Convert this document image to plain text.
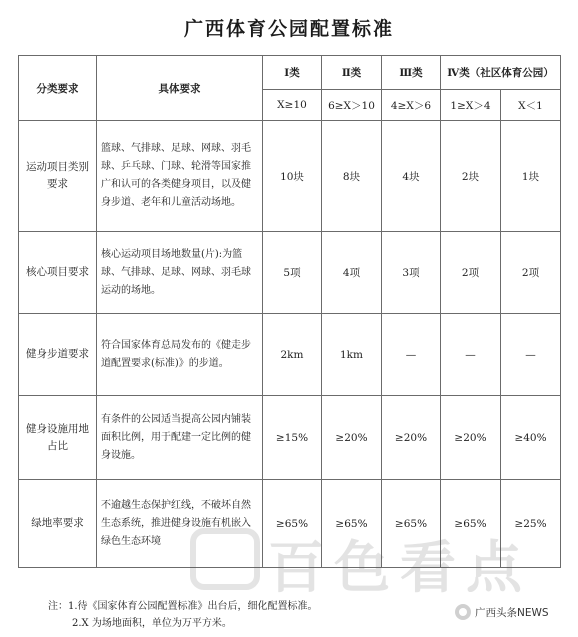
广西体育公园配置标准
分类要求	具体要求	Ⅰ类	Ⅱ类	Ⅲ类	Ⅳ类（社区体育公园）	
		X≥10	6≥X＞10	4≥X＞6	1≥X＞4	X＜1
运动项目类别要求	篮球、气排球、足球、网球、羽毛球、乒乓球、门球、轮滑等国家推广和认可的各类健身项目，以及健身步道、老年和儿童活动场地。	10块	8块	4块	2块	1块
核心项目要求	核心运动项目场地数量(片):为篮球、气排球、足球、网球、羽毛球运动的场地。	5项	4项	3项	2项	2项
健身步道要求	符合国家体育总局发布的《健走步道配置要求(标准)》的步道。	2km	1km	—	—	—
健身设施用地占比	有条件的公园适当提高公园内铺装面积比例，用于配建一定比例的健身设施。	≥15%	≥20%	≥20%	≥20%	≥40%
绿地率要求	不逾越生态保护红线，不破坏自然生态系统，推进健身设施有机嵌入绿色生态环境	≥65%	≥65%	≥65%	≥65%	≥25%
百色看点
注：1.待《国家体育公园配置标准》出台后，细化配置标准。
2.X 为场地面积，单位为万平方米。
广西头条NEWS
